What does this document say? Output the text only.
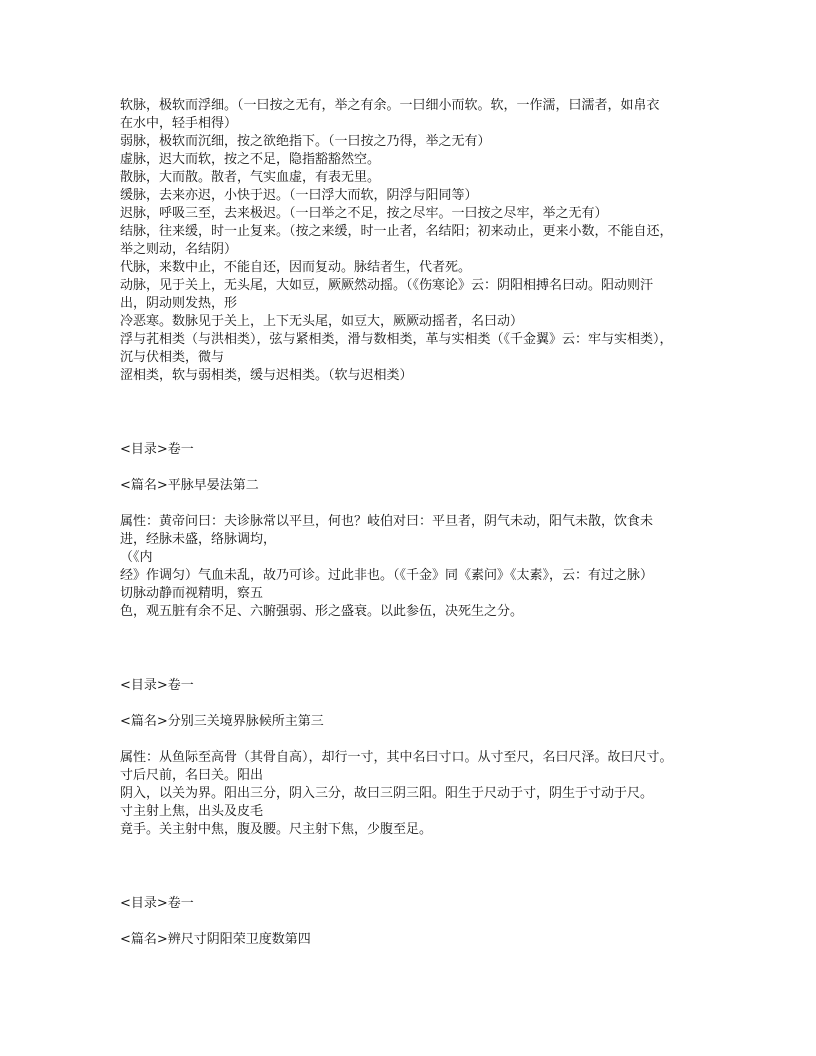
软脉，极软而浮细。（一曰按之无有，举之有余。一曰细小而软。软，一作濡，曰濡者，如帛衣
在水中，轻手相得）
弱脉，极软而沉细，按之欲绝指下。（一曰按之乃得，举之无有）
虚脉，迟大而软，按之不足，隐指豁豁然空。
散脉，大而散。散者，气实血虚，有表无里。
缓脉，去来亦迟，小快于迟。（一曰浮大而软，阴浮与阳同等）
迟脉，呼吸三至，去来极迟。（一曰举之不足，按之尽牢。一曰按之尽牢，举之无有）
结脉，往来缓，时一止复来。（按之来缓，时一止者，名结阳；初来动止，更来小数，不能自还，
举之则动，名结阴）
代脉，来数中止，不能自还，因而复动。脉结者生，代者死。
动脉，见于关上，无头尾，大如豆，厥厥然动摇。（《伤寒论》云：阴阳相搏名曰动。阳动则汗
出，阴动则发热，形
冷恶寒。数脉见于关上，上下无头尾，如豆大，厥厥动摇者，名曰动）
浮与芤相类（与洪相类），弦与紧相类，滑与数相类，革与实相类（《千金翼》云：牢与实相类），
沉与伏相类，微与
涩相类，软与弱相类，缓与迟相类。（软与迟相类）
<目录>卷一
<篇名>平脉早晏法第二
属性：黄帝问曰：夫诊脉常以平旦，何也？岐伯对曰：平旦者，阴气未动，阳气未散，饮食未
进，经脉未盛，络脉调均，
（《内
经》作调匀）气血未乱，故乃可诊。过此非也。（《千金》同《素问》《太素》，云：有过之脉）
切脉动静而视精明，察五
色，观五脏有余不足、六腑强弱、形之盛衰。以此参伍，决死生之分。
<目录>卷一
<篇名>分别三关境界脉候所主第三
属性：从鱼际至高骨（其骨自高），却行一寸，其中名曰寸口。从寸至尺，名曰尺泽。故曰尺寸。
寸后尺前，名曰关。阳出
阴入，以关为界。阳出三分，阴入三分，故曰三阴三阳。阳生于尺动于寸，阴生于寸动于尺。
寸主射上焦，出头及皮毛
竟手。关主射中焦，腹及腰。尺主射下焦，少腹至足。
<目录>卷一
<篇名>辨尺寸阴阳荣卫度数第四
